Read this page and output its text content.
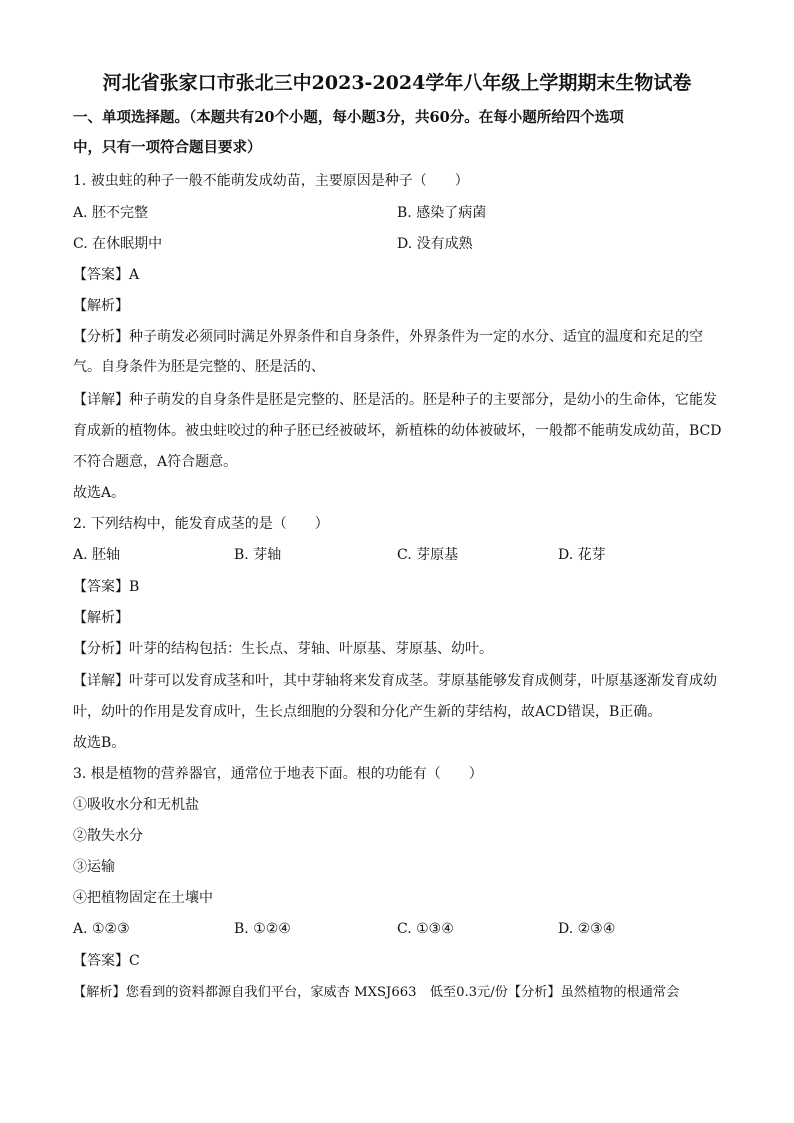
河北省张家口市张北三中2023-2024学年八年级上学期期末生物试卷
一、单项选择题。（本题共有20个小题，每小题3分，共60分。在每小题所给四个选项
中，只有一项符合题目要求）
1. 被虫蛀的种子一般不能萌发成幼苗，主要原因是种子（　　）
A. 胚不完整	B. 感染了病菌
C. 在休眠期中	D. 没有成熟
【答案】A
【解析】
【分析】种子萌发必须同时满足外界条件和自身条件，外界条件为一定的水分、适宜的温度和充足的空
气。自身条件为胚是完整的、胚是活的、
【详解】种子萌发的自身条件是胚是完整的、胚是活的。胚是种子的主要部分，是幼小的生命体，它能发
育成新的植物体。被虫蛀咬过的种子胚已经被破坏，新植株的幼体被破坏，一般都不能萌发成幼苗，BCD
不符合题意，A符合题意。
故选A。
2. 下列结构中，能发育成茎的是（　　）
A. 胚轴	B. 芽轴	C. 芽原基	D. 花芽
【答案】B
【解析】
【分析】叶芽的结构包括：生长点、芽轴、叶原基、芽原基、幼叶。
【详解】叶芽可以发育成茎和叶，其中芽轴将来发育成茎。芽原基能够发育成侧芽，叶原基逐渐发育成幼
叶，幼叶的作用是发育成叶，生长点细胞的分裂和分化产生新的芽结构，故ACD错误，B正确。
故选B。
3. 根是植物的营养器官，通常位于地表下面。根的功能有（　　）
①吸收水分和无机盐
②散失水分
③运输
④把植物固定在土壤中
A. ①②③	B. ①②④	C. ①③④	D. ②③④
【答案】C
【解析】您看到的资料都源自我们平台，家威杏 MXSJ663　低至0.3元/份【分析】虽然植物的根通常会
